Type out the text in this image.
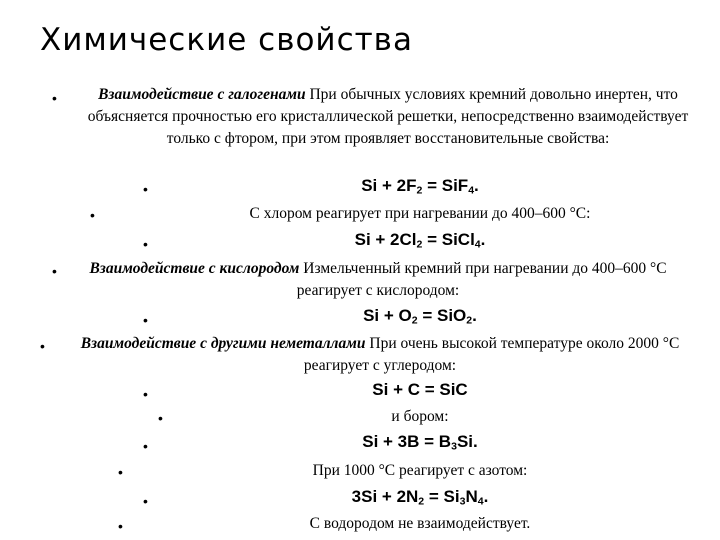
Химические свойства
•	Взаимодействие с галогенами При обычных условиях кремний довольно инертен, что объясняется прочностью его кристаллической решетки, непосредственно взаимодействует только с фтором, при этом проявляет восстановительные свойства:
•	$Si + 2F_2 = SiF_4$.
•	С хлором реагирует при нагревании до 400–600 °С:
•	$Si + 2Cl_2$ = SiCl$_4$.
•	Взаимодействие с кислородом Измельченный кремний при нагревании до 400–600 °С реагирует с кислородом:
•	$Si + O_2 = SiO_2$.
•	Взаимодействие с другими неметаллами При очень высокой температуре около 2000 °С реагирует с углеродом:
•	Si + C = SiC
•	и бором:
•	$Si + 3B = B_3Si$.
•	При 1000 °С реагирует с азотом:
•	$3Si + 2N_2 = Si_3N_4$.
•	С водородом не взаимодействует.
